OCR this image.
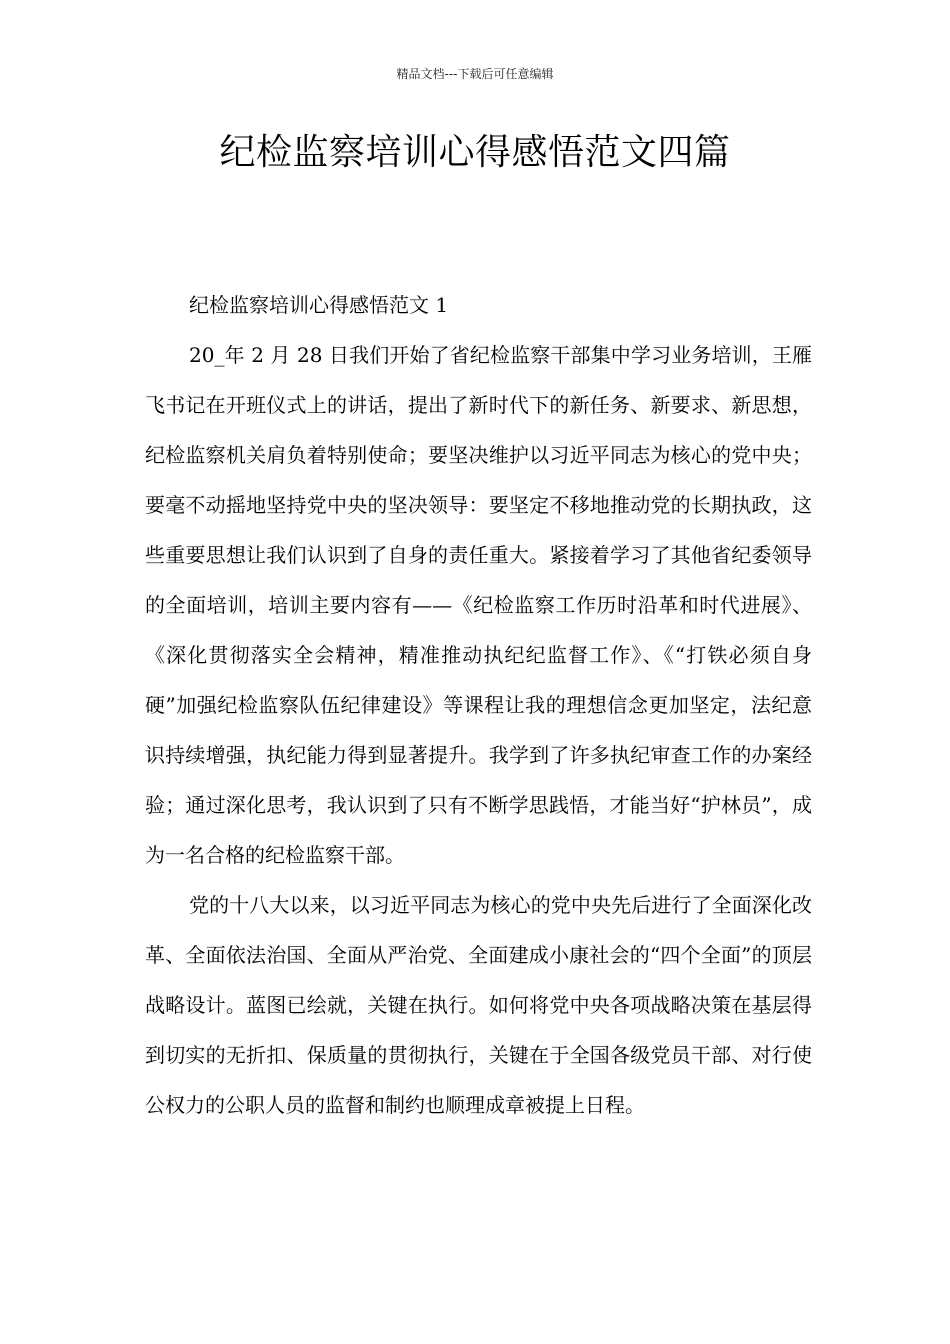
精品文档---下载后可任意编辑
纪检监察培训心得感悟范文四篇

纪检监察培训心得感悟范文 1

20_年 2 月 28 日我们开始了省纪检监察干部集中学习业务培训，王雁飞书记在开班仪式上的讲话，提出了新时代下的新任务、新要求、新思想，纪检监察机关肩负着特别使命；要坚决维护以习近平同志为核心的党中央；要毫不动摇地坚持党中央的坚决领导：要坚定不移地推动党的长期执政，这些重要思想让我们认识到了自身的责任重大。紧接着学习了其他省纪委领导的全面培训，培训主要内容有——《纪检监察工作历时沿革和时代进展》、《深化贯彻落实全会精神，精准推动执纪纪监督工作》、《“打铁必须自身硬”加强纪检监察队伍纪律建设》等课程让我的理想信念更加坚定，法纪意识持续增强，执纪能力得到显著提升。我学到了许多执纪审查工作的办案经验；通过深化思考，我认识到了只有不断学思践悟，才能当好“护林员”，成为一名合格的纪检监察干部。

党的十八大以来，以习近平同志为核心的党中央先后进行了全面深化改革、全面依法治国、全面从严治党、全面建成小康社会的“四个全面”的顶层战略设计。蓝图已绘就，关键在执行。如何将党中央各项战略决策在基层得到切实的无折扣、保质量的贯彻执行，关键在于全国各级党员干部、对行使公权力的公职人员的监督和制约也顺理成章被提上日程。
